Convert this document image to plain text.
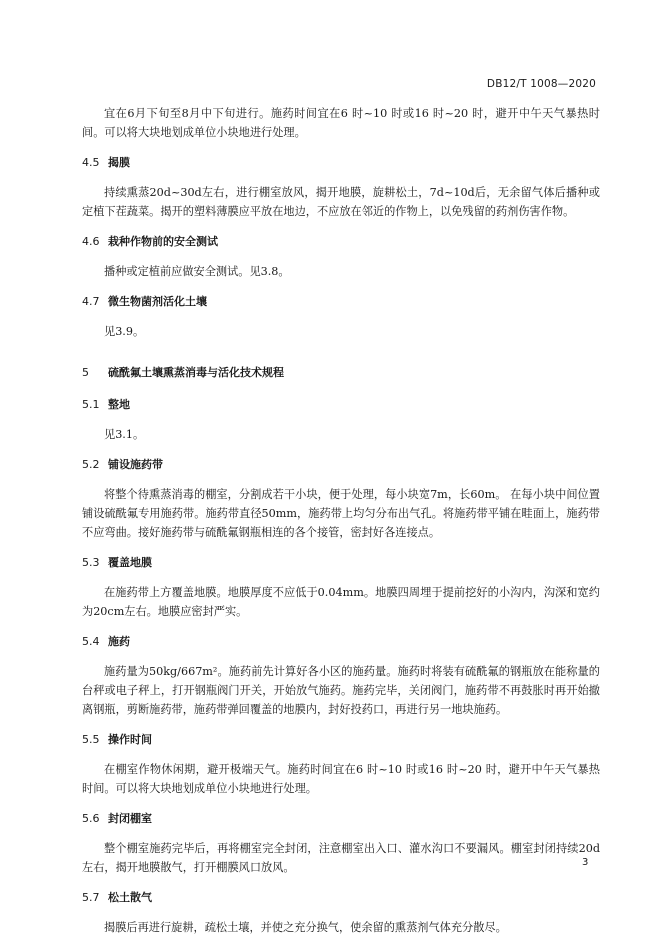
DB12/T 1008—2020

宜在6月下旬至8月中下旬进行。施药时间宜在6 时~10 时或16 时~20 时，避开中午天气暴热时间。可以将大块地划成单位小块地进行处理。

4.5 揭膜

持续熏蒸20d~30d左右，进行棚室放风，揭开地膜，旋耕松土，7d~10d后，无余留气体后播种或定植下茬蔬菜。揭开的塑料薄膜应平放在地边，不应放在邻近的作物上，以免残留的药剂伤害作物。

4.6 栽种作物前的安全测试

播种或定植前应做安全测试。见3.8。

4.7 微生物菌剂活化土壤

见3.9。

5 硫酰氟土壤熏蒸消毒与活化技术规程
5.1 整地

见3.1。

5.2 铺设施药带

将整个待熏蒸消毒的棚室，分割成若干小块，便于处理，每小块宽7m，长60m。 在每小块中间位置铺设硫酰氟专用施药带。施药带直径50mm，施药带上均匀分布出气孔。将施药带平铺在畦面上，施药带不应弯曲。接好施药带与硫酰氟钢瓶相连的各个接管，密封好各连接点。

5.3 覆盖地膜

在施药带上方覆盖地膜。地膜厚度不应低于0.04mm。地膜四周埋于提前挖好的小沟内，沟深和宽约为20cm左右。地膜应密封严实。

5.4 施药

施药量为50kg/667m²。施药前先计算好各小区的施药量。施药时将装有硫酰氟的钢瓶放在能称量的台秤或电子秤上，打开钢瓶阀门开关，开始放气施药。施药完毕，关闭阀门，施药带不再鼓胀时再开始撤离钢瓶，剪断施药带，施药带弹回覆盖的地膜内，封好投药口，再进行另一地块施药。

5.5 操作时间

在棚室作物休闲期，避开极端天气。施药时间宜在6 时~10 时或16 时~20 时，避开中午天气暴热时间。可以将大块地划成单位小块地进行处理。

5.6 封闭棚室

整个棚室施药完毕后，再将棚室完全封闭，注意棚室出入口、灌水沟口不要漏风。棚室封闭持续20d左右，揭开地膜散气，打开棚膜风口放风。

5.7 松土散气

揭膜后再进行旋耕，疏松土壤，并使之充分换气，使余留的熏蒸剂气体充分散尽。

3
